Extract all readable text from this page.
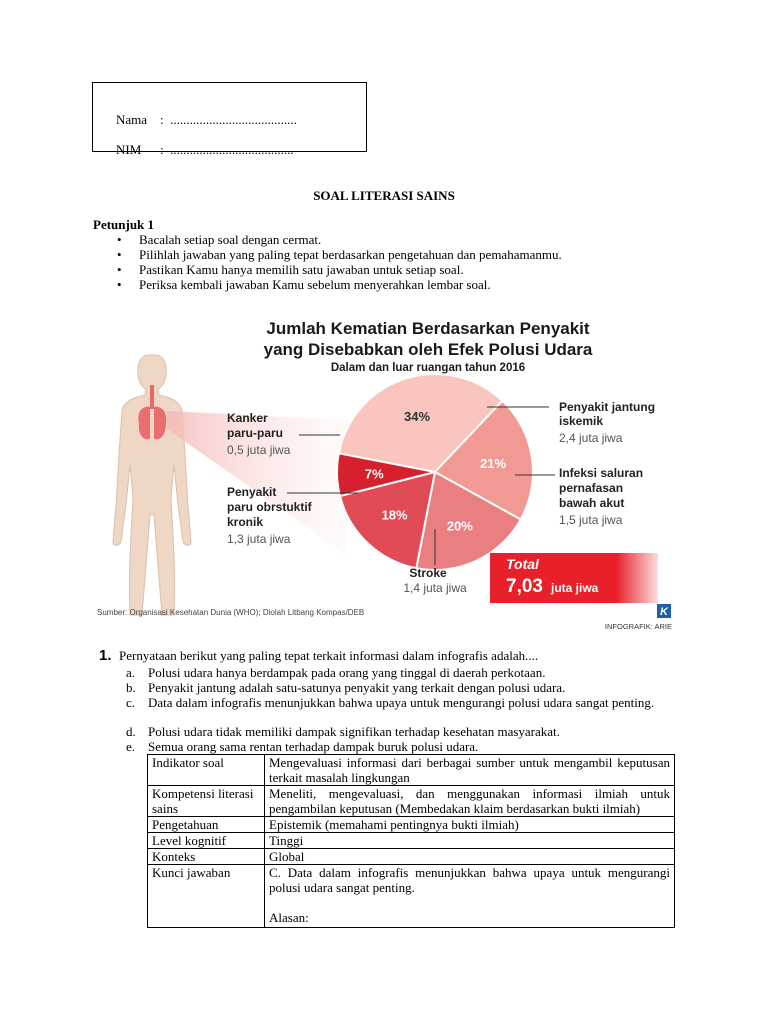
Nama :  .......................................

NIM :  ......................................

SOAL LITERASI SAINS
Petunjuk 1
• Bacalah setiap soal dengan cermat.
• Pilihlah jawaban yang paling tepat berdasarkan pengetahuan dan pemahamanmu.
• Pastikan Kamu hanya memilih satu jawaban untuk setiap soal.
• Periksa kembali jawaban Kamu sebelum menyerahkan lembar soal.
Jumlah Kematian Berdasarkan Penyakit
yang Disebabkan oleh Efek Polusi Udara
Dalam dan luar ruangan tahun 2016
34%
21%
20%
18%
7%
Penyakit jantung
iskemik
2,4 juta jiwa
Infeksi saluran
pernafasan
bawah akut
1,5 juta jiwa
Stroke
1,4 juta jiwa
Penyakit
paru obrstuktif
kronik
1,3 juta jiwa
Kanker
paru-paru
0,5 juta jiwa
Total
7,03 juta jiwa
Sumber: Organisasi Kesehatan Dunia (WHO); Diolah Litbang Kompas/DEB	K
INFOGRAFIK: ARIE
1. Pernyataan berikut yang paling tepat terkait informasi dalam infografis adalah....
a. Polusi udara hanya berdampak pada orang yang tinggal di daerah perkotaan.
b. Penyakit jantung adalah satu-satunya penyakit yang terkait dengan polusi udara.
c. Data dalam infografis menunjukkan bahwa upaya untuk mengurangi polusi udara sangat penting.
d. Polusi udara tidak memiliki dampak signifikan terhadap kesehatan masyarakat.
e. Semua orang sama rentan terhadap dampak buruk polusi udara.
Indikator soal	Mengevaluasi informasi dari berbagai sumber untuk mengambil keputusan terkait masalah lingkungan
Kompetensi literasi sains	Meneliti, mengevaluasi, dan menggunakan informasi ilmiah untuk pengambilan keputusan (Membedakan klaim berdasarkan bukti ilmiah)
Pengetahuan	Epistemik (memahami pentingnya bukti ilmiah)
Level kognitif	Tinggi
Konteks	Global
Kunci jawaban	C. Data dalam infografis menunjukkan bahwa upaya untuk mengurangi polusi udara sangat penting.
Alasan:
